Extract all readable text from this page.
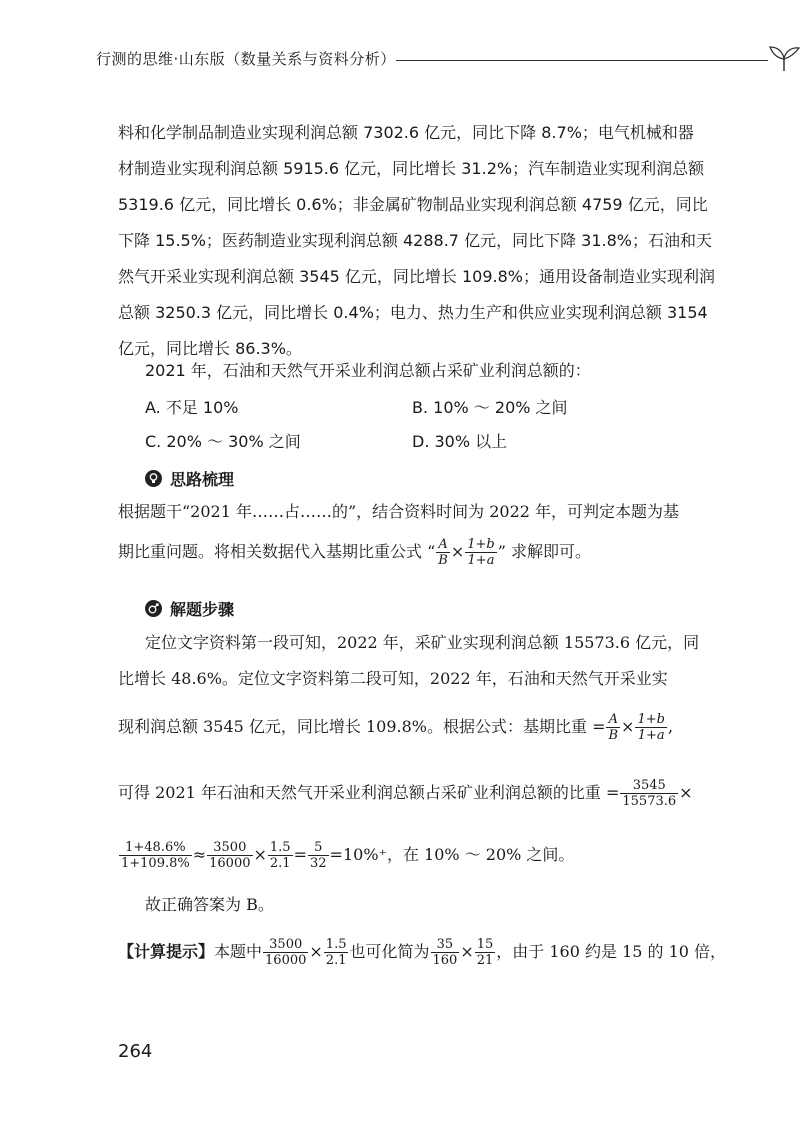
行测的思维·山东版（数量关系与资料分析）
料和化学制品制造业实现利润总额 7302.6 亿元，同比下降 8.7%；电气机械和器
材制造业实现利润总额 5915.6 亿元，同比增长 31.2%；汽车制造业实现利润总额
5319.6 亿元，同比增长 0.6%；非金属矿物制品业实现利润总额 4759 亿元，同比
下降 15.5%；医药制造业实现利润总额 4288.7 亿元，同比下降 31.8%；石油和天
然气开采业实现利润总额 3545 亿元，同比增长 109.8%；通用设备制造业实现利润
总额 3250.3 亿元，同比增长 0.4%；电力、热力生产和供应业实现利润总额 3154
亿元，同比增长 86.3%。
2021 年，石油和天然气开采业利润总额占采矿业利润总额的：
A. 不足 10%	B. 10% ～ 20% 之间
C. 20% ～ 30% 之间	D. 30% 以上
思路梳理
根据题干“2021 年……占……的”，结合资料时间为 2022 年，可判定本题为基
期比重问题。将相关数据代入基期比重公式 “ $\frac{A}{B} \times \frac{1+b}{1+a}$ ” 求解即可。
解题步骤
定位文字资料第一段可知，2022 年，采矿业实现利润总额 15573.6 亿元，同
比增长 48.6%。定位文字资料第二段可知，2022 年，石油和天然气开采业实
现利润总额 3545 亿元，同比增长 109.8%。根据公式：基期比重 = $\frac{A}{B} \times \frac{1+b}{1+a}$ ,
可得 2021 年石油和天然气开采业利润总额占采矿业利润总额的比重 = $\frac{3545}{15573.6}$ ×
$\frac{1+48.6\%}{1+109.8\%} \approx \frac{3500}{16000} \times \frac{1.5}{2.1} = \frac{5}{32} =10\%^+$，在 10% ～ 20% 之间。
故正确答案为 B。
【计算提示】本题中 $\frac{3500}{16000} \times \frac{1.5}{2.1}$ 也可化简为 $\frac{35}{160} \times \frac{15}{21}$ ，由于 160 约是 15 的 10 倍，
264
